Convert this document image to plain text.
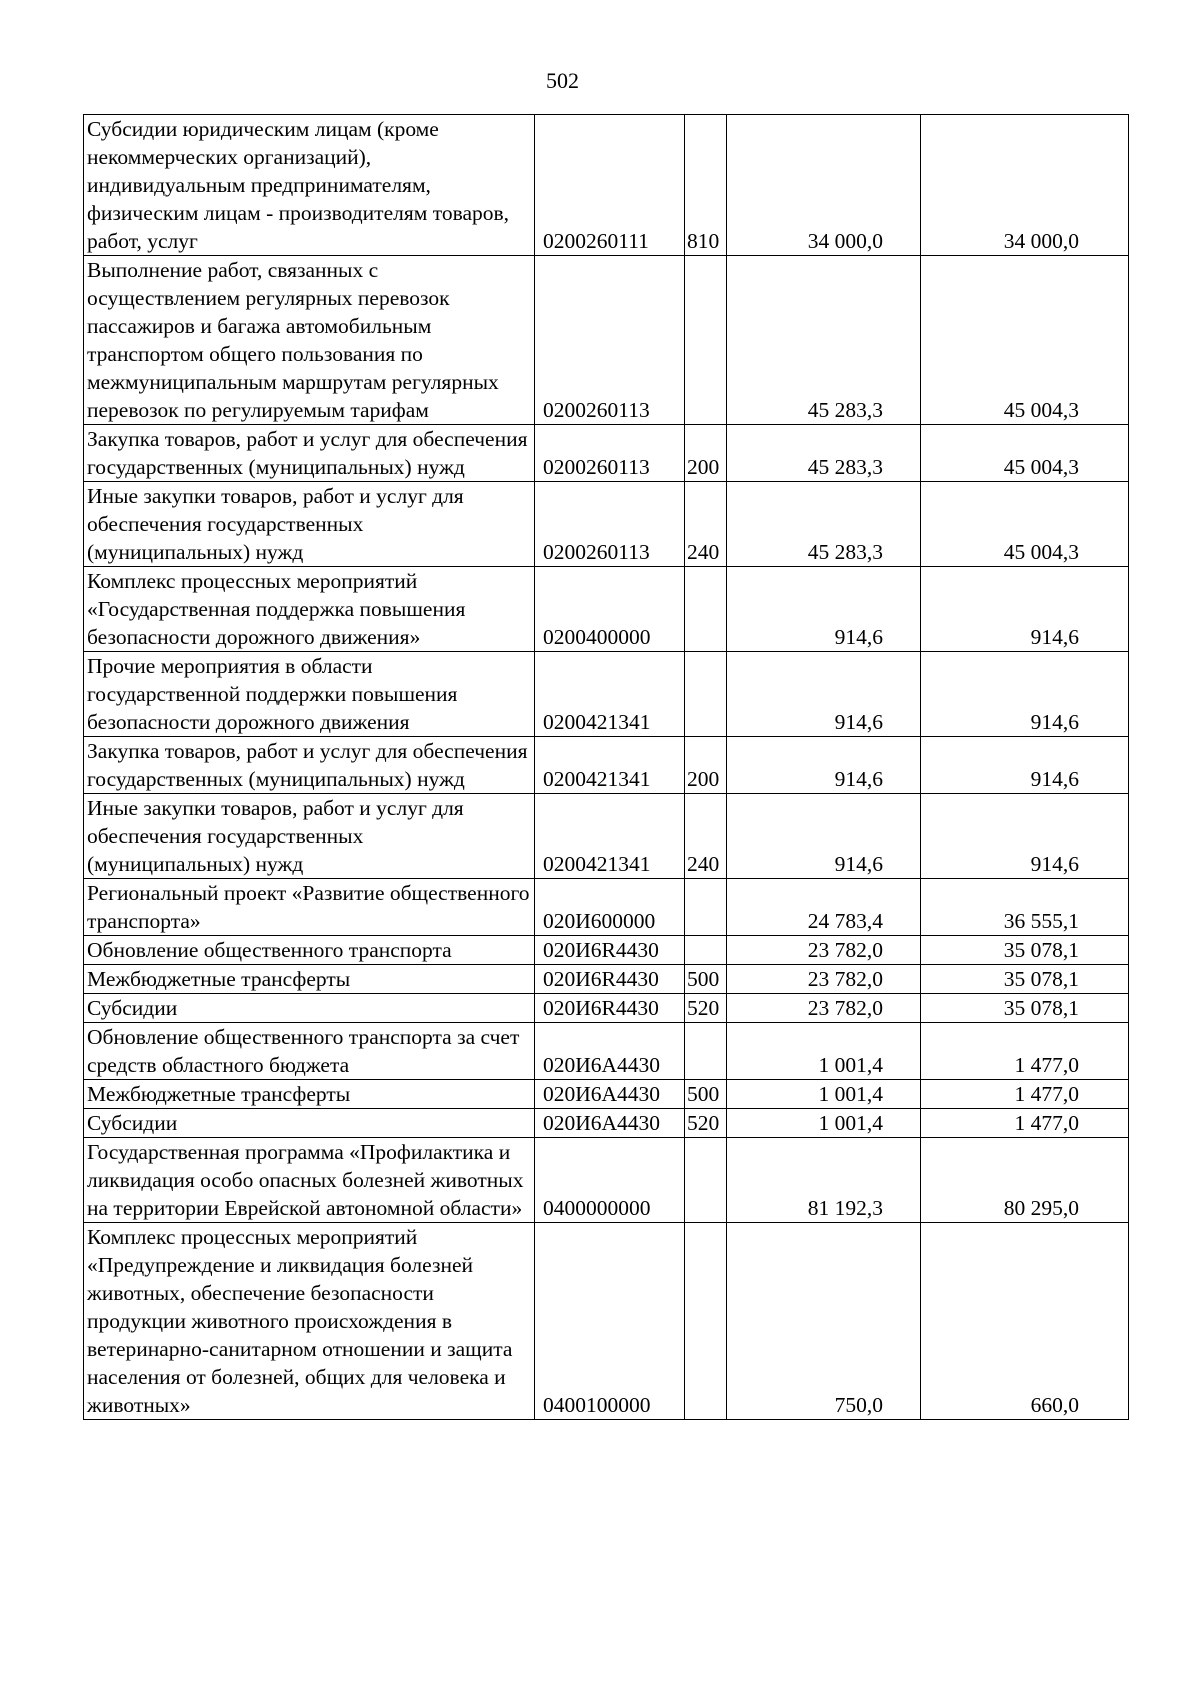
502
Субсидии юридическим лицам (кроме некоммерческих организаций), индивидуальным предпринимателям, физическим лицам - производителям товаров, работ, услуг	0200260111	810	34 000,0	34 000,0
Выполнение работ, связанных с осуществлением регулярных перевозок пассажиров и багажа автомобильным транспортом общего пользования по межмуниципальным маршрутам регулярных перевозок по регулируемым тарифам	0200260113		45 283,3	45 004,3
Закупка товаров, работ и услуг для обеспечения государственных (муниципальных) нужд	0200260113	200	45 283,3	45 004,3
Иные закупки товаров, работ и услуг для обеспечения государственных (муниципальных) нужд	0200260113	240	45 283,3	45 004,3
Комплекс процессных мероприятий «Государственная поддержка повышения безопасности дорожного движения»	0200400000		914,6	914,6
Прочие мероприятия в области государственной поддержки повышения безопасности дорожного движения	0200421341		914,6	914,6
Закупка товаров, работ и услуг для обеспечения государственных (муниципальных) нужд	0200421341	200	914,6	914,6
Иные закупки товаров, работ и услуг для обеспечения государственных (муниципальных) нужд	0200421341	240	914,6	914,6
Региональный проект «Развитие общественного транспорта»	020И600000		24 783,4	36 555,1
Обновление общественного транспорта	020И6R4430		23 782,0	35 078,1
Межбюджетные трансферты	020И6R4430	500	23 782,0	35 078,1
Субсидии	020И6R4430	520	23 782,0	35 078,1
Обновление общественного транспорта за счет средств областного бюджета	020И6А4430		1 001,4	1 477,0
Межбюджетные трансферты	020И6А4430	500	1 001,4	1 477,0
Субсидии	020И6А4430	520	1 001,4	1 477,0
Государственная программа «Профилактика и ликвидация особо опасных болезней животных на территории Еврейской автономной области»	0400000000		81 192,3	80 295,0
Комплекс процессных мероприятий «Предупреждение и ликвидация болезней животных, обеспечение безопасности продукции животного происхождения в ветеринарно-санитарном отношении и защита населения от болезней, общих для человека и животных»	0400100000		750,0	660,0
